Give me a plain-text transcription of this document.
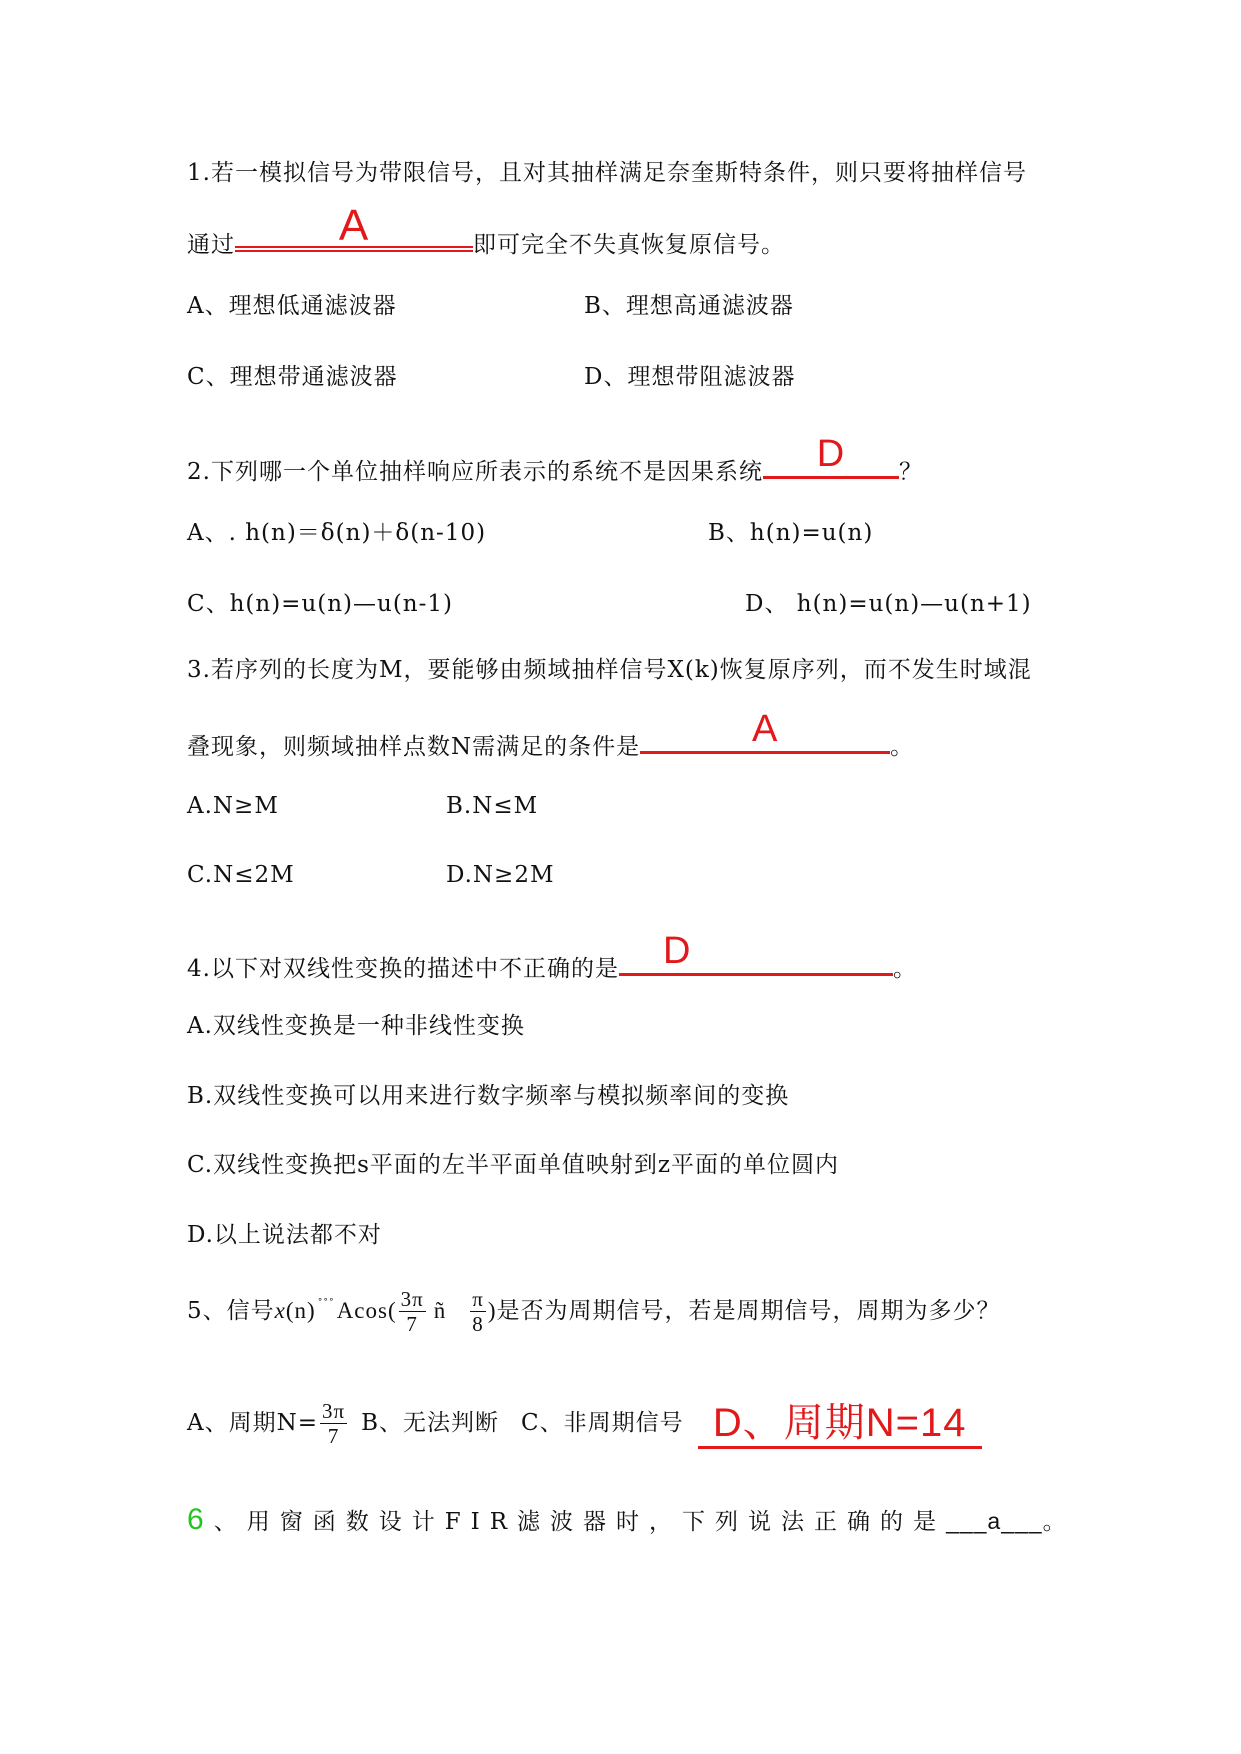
1.若一模拟信号为带限信号，且对其抽样满足奈奎斯特条件，则只要将抽样信号
通过	A	即可完全不失真恢复原信号。
A、理想低通滤波器	B、理想高通滤波器
C、理想带通滤波器	D、理想带阻滤波器
2.下列哪一个单位抽样响应所表示的系统不是因果系统	D	？
A、. h(n)＝δ(n)＋δ(n-10)	B、h(n)=u(n)
C、h(n)=u(n)—u(n-1)	D、 h(n)=u(n)—u(n+1)
3.若序列的长度为M，要能够由频域抽样信号X(k)恢复原序列，而不发生时域混
叠现象，则频域抽样点数N需满足的条件是	A	。
A.N≥M	B.N≤M
C.N≤2M	D.N≥2M
4.以下对双线性变换的描述中不正确的是	D	。
A.双线性变换是一种非线性变换
B.双线性变换可以用来进行数字频率与模拟频率间的变换
C.双线性变换把s平面的左半平面单值映射到z平面的单位圆内
D.以上说法都不对
5、信号 x (n) ˚˚˚ $Acos( \frac{3\pi}{7}$ ñ $\frac{\pi}{8}$ ) 是否为周期信号，若是周期信号，周期为多少？
A、周期$N= \frac{3\pi}{7}$ B、无法判断 C、非周期信号 D、周期N=14
6、用窗函数设计FIR滤波器时，下列说法正确的是___a___。
